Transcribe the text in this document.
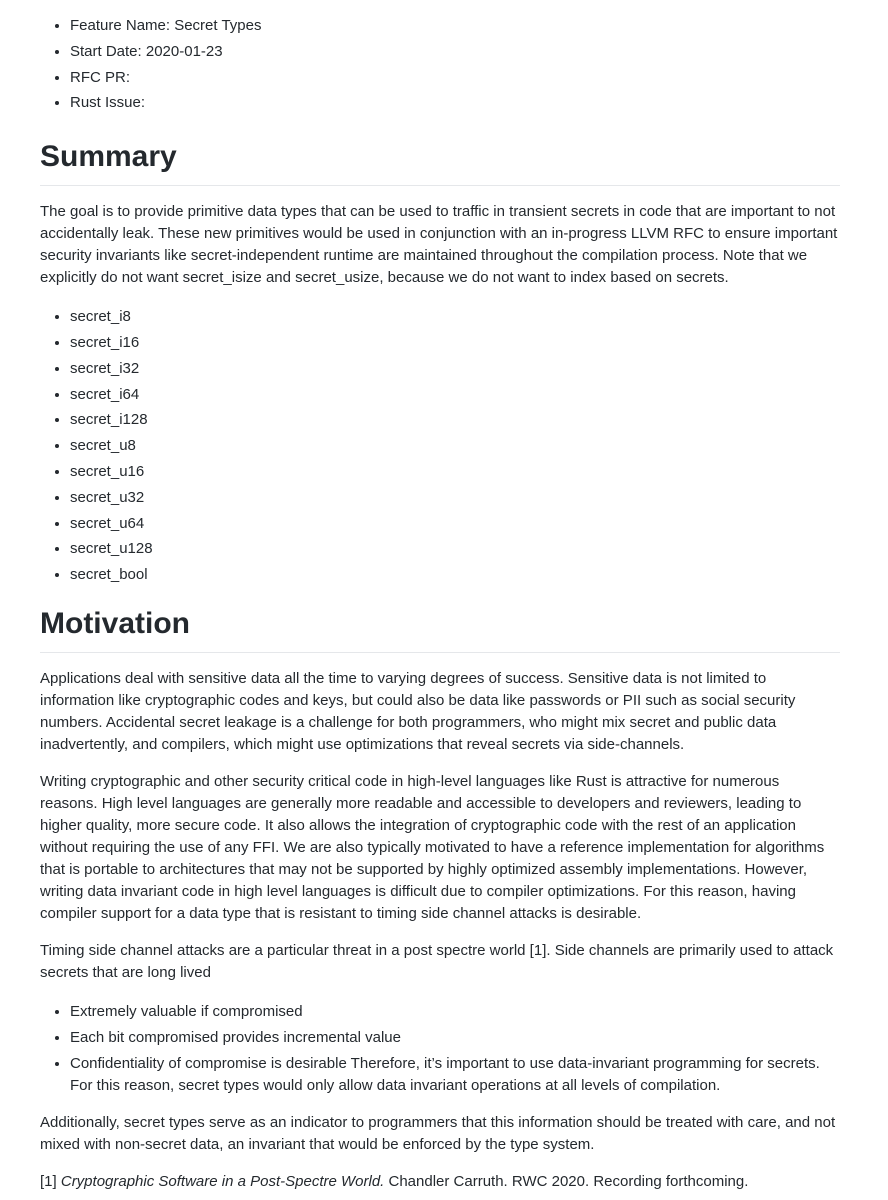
• Feature Name: Secret Types
• Start Date: 2020-01-23
• RFC PR:
• Rust Issue:
Summary

The goal is to provide primitive data types that can be used to traffic in transient secrets in code that are important to not accidentally leak. These new primitives would be used in conjunction with an in-progress LLVM RFC to ensure important security invariants like secret-independent runtime are maintained throughout the compilation process. Note that we explicitly do not want secret_isize and secret_usize, because we do not want to index based on secrets.

• secret_i8
• secret_i16
• secret_i32
• secret_i64
• secret_i128
• secret_u8
• secret_u16
• secret_u32
• secret_u64
• secret_u128
• secret_bool
Motivation

Applications deal with sensitive data all the time to varying degrees of success. Sensitive data is not limited to information like cryptographic codes and keys, but could also be data like passwords or PII such as social security numbers. Accidental secret leakage is a challenge for both programmers, who might mix secret and public data inadvertently, and compilers, which might use optimizations that reveal secrets via side-channels.

Writing cryptographic and other security critical code in high-level languages like Rust is attractive for numerous reasons. High level languages are generally more readable and accessible to developers and reviewers, leading to higher quality, more secure code. It also allows the integration of cryptographic code with the rest of an application without requiring the use of any FFI. We are also typically motivated to have a reference implementation for algorithms that is portable to architectures that may not be supported by highly optimized assembly implementations. However, writing data invariant code in high level languages is difficult due to compiler optimizations. For this reason, having compiler support for a data type that is resistant to timing side channel attacks is desirable.

Timing side channel attacks are a particular threat in a post spectre world [1]. Side channels are primarily used to attack secrets that are long lived

• Extremely valuable if compromised
• Each bit compromised provides incremental value
• Confidentiality of compromise is desirable Therefore, it’s important to use data-invariant programming for secrets. For this reason, secret types would only allow data invariant operations at all levels of compilation.

Additionally, secret types serve as an indicator to programmers that this information should be treated with care, and not mixed with non-secret data, an invariant that would be enforced by the type system.

[1] Cryptographic Software in a Post-Spectre World. Chandler Carruth. RWC 2020. Recording forthcoming.
